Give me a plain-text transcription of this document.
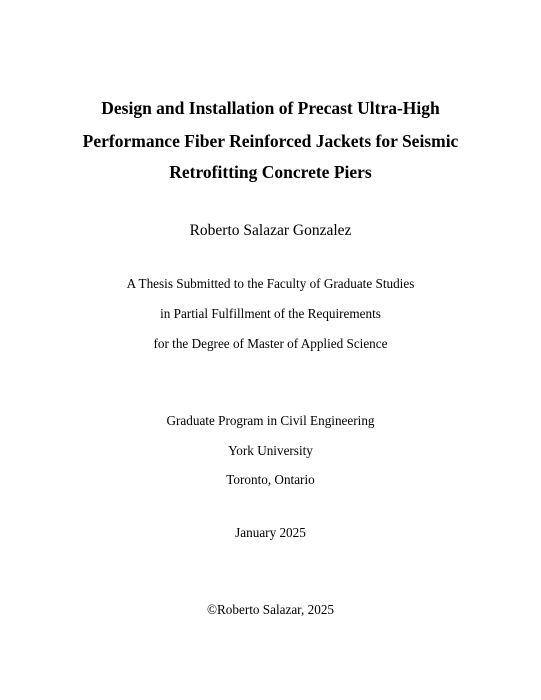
Design and Installation of Precast Ultra-High
Performance Fiber Reinforced Jackets for Seismic
Retrofitting Concrete Piers
Roberto Salazar Gonzalez
A Thesis Submitted to the Faculty of Graduate Studies
in Partial Fulfillment of the Requirements
for the Degree of Master of Applied Science
Graduate Program in Civil Engineering
York University
Toronto, Ontario
January 2025
©Roberto Salazar, 2025
